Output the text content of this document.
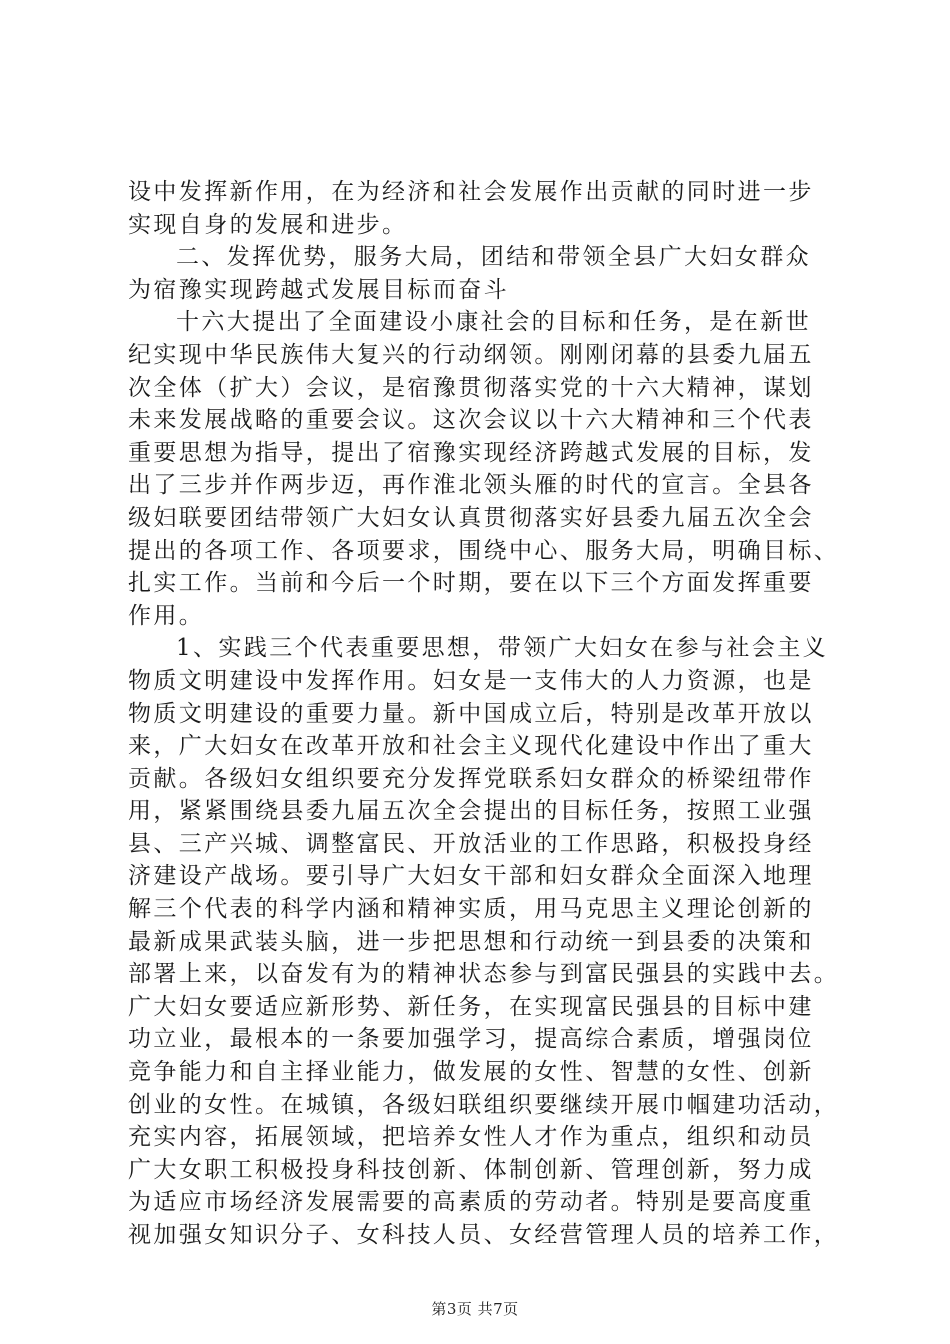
设中发挥新作用，在为经济和社会发展作出贡献的同时进一步
实现自身的发展和进步。
二、发挥优势，服务大局，团结和带领全县广大妇女群众
为宿豫实现跨越式发展目标而奋斗
十六大提出了全面建设小康社会的目标和任务，是在新世
纪实现中华民族伟大复兴的行动纲领。刚刚闭幕的县委九届五
次全体（扩大）会议，是宿豫贯彻落实党的十六大精神，谋划
未来发展战略的重要会议。这次会议以十六大精神和三个代表
重要思想为指导，提出了宿豫实现经济跨越式发展的目标，发
出了三步并作两步迈，再作淮北领头雁的时代的宣言。全县各
级妇联要团结带领广大妇女认真贯彻落实好县委九届五次全会
提出的各项工作、各项要求，围绕中心、服务大局，明确目标、
扎实工作。当前和今后一个时期，要在以下三个方面发挥重要
作用。
1、实践三个代表重要思想，带领广大妇女在参与社会主义
物质文明建设中发挥作用。妇女是一支伟大的人力资源，也是
物质文明建设的重要力量。新中国成立后，特别是改革开放以
来，广大妇女在改革开放和社会主义现代化建设中作出了重大
贡献。各级妇女组织要充分发挥党联系妇女群众的桥梁纽带作
用，紧紧围绕县委九届五次全会提出的目标任务，按照工业强
县、三产兴城、调整富民、开放活业的工作思路，积极投身经
济建设产战场。要引导广大妇女干部和妇女群众全面深入地理
解三个代表的科学内涵和精神实质，用马克思主义理论创新的
最新成果武装头脑，进一步把思想和行动统一到县委的决策和
部署上来，以奋发有为的精神状态参与到富民强县的实践中去。
广大妇女要适应新形势、新任务，在实现富民强县的目标中建
功立业，最根本的一条要加强学习，提高综合素质，增强岗位
竞争能力和自主择业能力，做发展的女性、智慧的女性、创新
创业的女性。在城镇，各级妇联组织要继续开展巾帼建功活动，
充实内容，拓展领域，把培养女性人才作为重点，组织和动员
广大女职工积极投身科技创新、体制创新、管理创新，努力成
为适应市场经济发展需要的高素质的劳动者。特别是要高度重
视加强女知识分子、女科技人员、女经营管理人员的培养工作，
第3页 共7页
